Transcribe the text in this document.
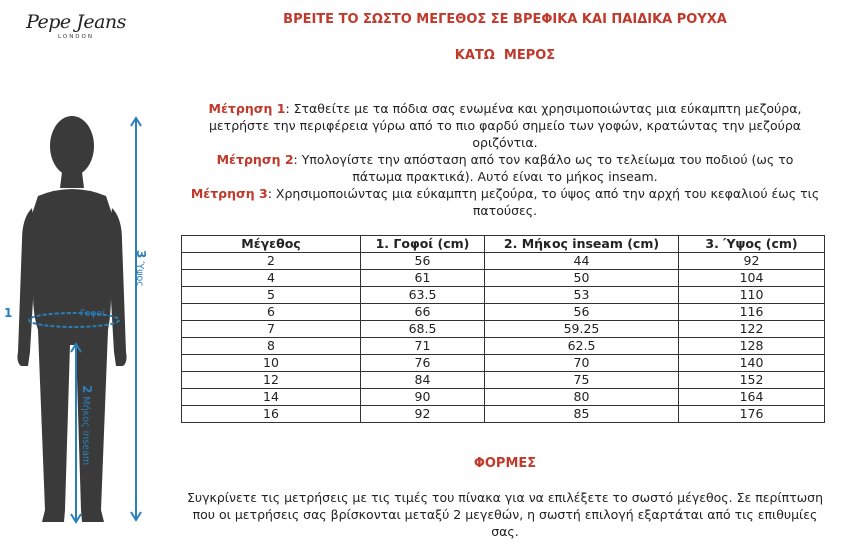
Pepe Jeans
LONDON
ΒΡΕΙΤΕ ΤΟ ΣΩΣΤΟ ΜΕΓΕΘΟΣ ΣΕ ΒΡΕΦΙΚΑ ΚΑΙ ΠΑΙΔΙΚΑ ΡΟΥΧΑ
ΚΑΤΩ  ΜΕΡΟΣ

Μέτρηση 1: Σταθείτε με τα πόδια σας ενωμένα και χρησιμοποιώντας μια εύκαμπτη μεζούρα, μετρήστε την περιφέρεια γύρω από το πιο φαρδύ σημείο των γοφών, κρατώντας την μεζούρα οριζόντια.

Μέτρηση 2: Υπολογίστε την απόσταση από τον καβάλο ως το τελείωμα του ποδιού (ως το πάτωμα πρακτικά). Αυτό είναι το μήκος inseam.

Μέτρηση 3: Χρησιμοποιώντας μια εύκαμπτη μεζούρα, το ύψος από την αρχή του κεφαλιού έως τις πατούσες.

Μέγεθος	1. Γοφοί (cm)	2. Μήκος inseam (cm)	3. Ύψος (cm)
2	56	44	92
4	61	50	104
5	63.5	53	110
6	66	56	116
7	68.5	59.25	122
8	71	62.5	128
10	76	70	140
12	84	75	152
14	90	80	164
16	92	85	176
ΦΟΡΜΕΣ
Συγκρίνετε τις μετρήσεις με τις τιμές του πίνακα για να επιλέξετε το σωστό μέγεθος. Σε περίπτωση που οι μετρήσεις σας βρίσκονται μεταξύ 2 μεγεθών, η σωστή επιλογή εξαρτάται από τις επιθυμίες σας.
1	Γοφοί
3 Ύψος
2 Μήκος inseam
